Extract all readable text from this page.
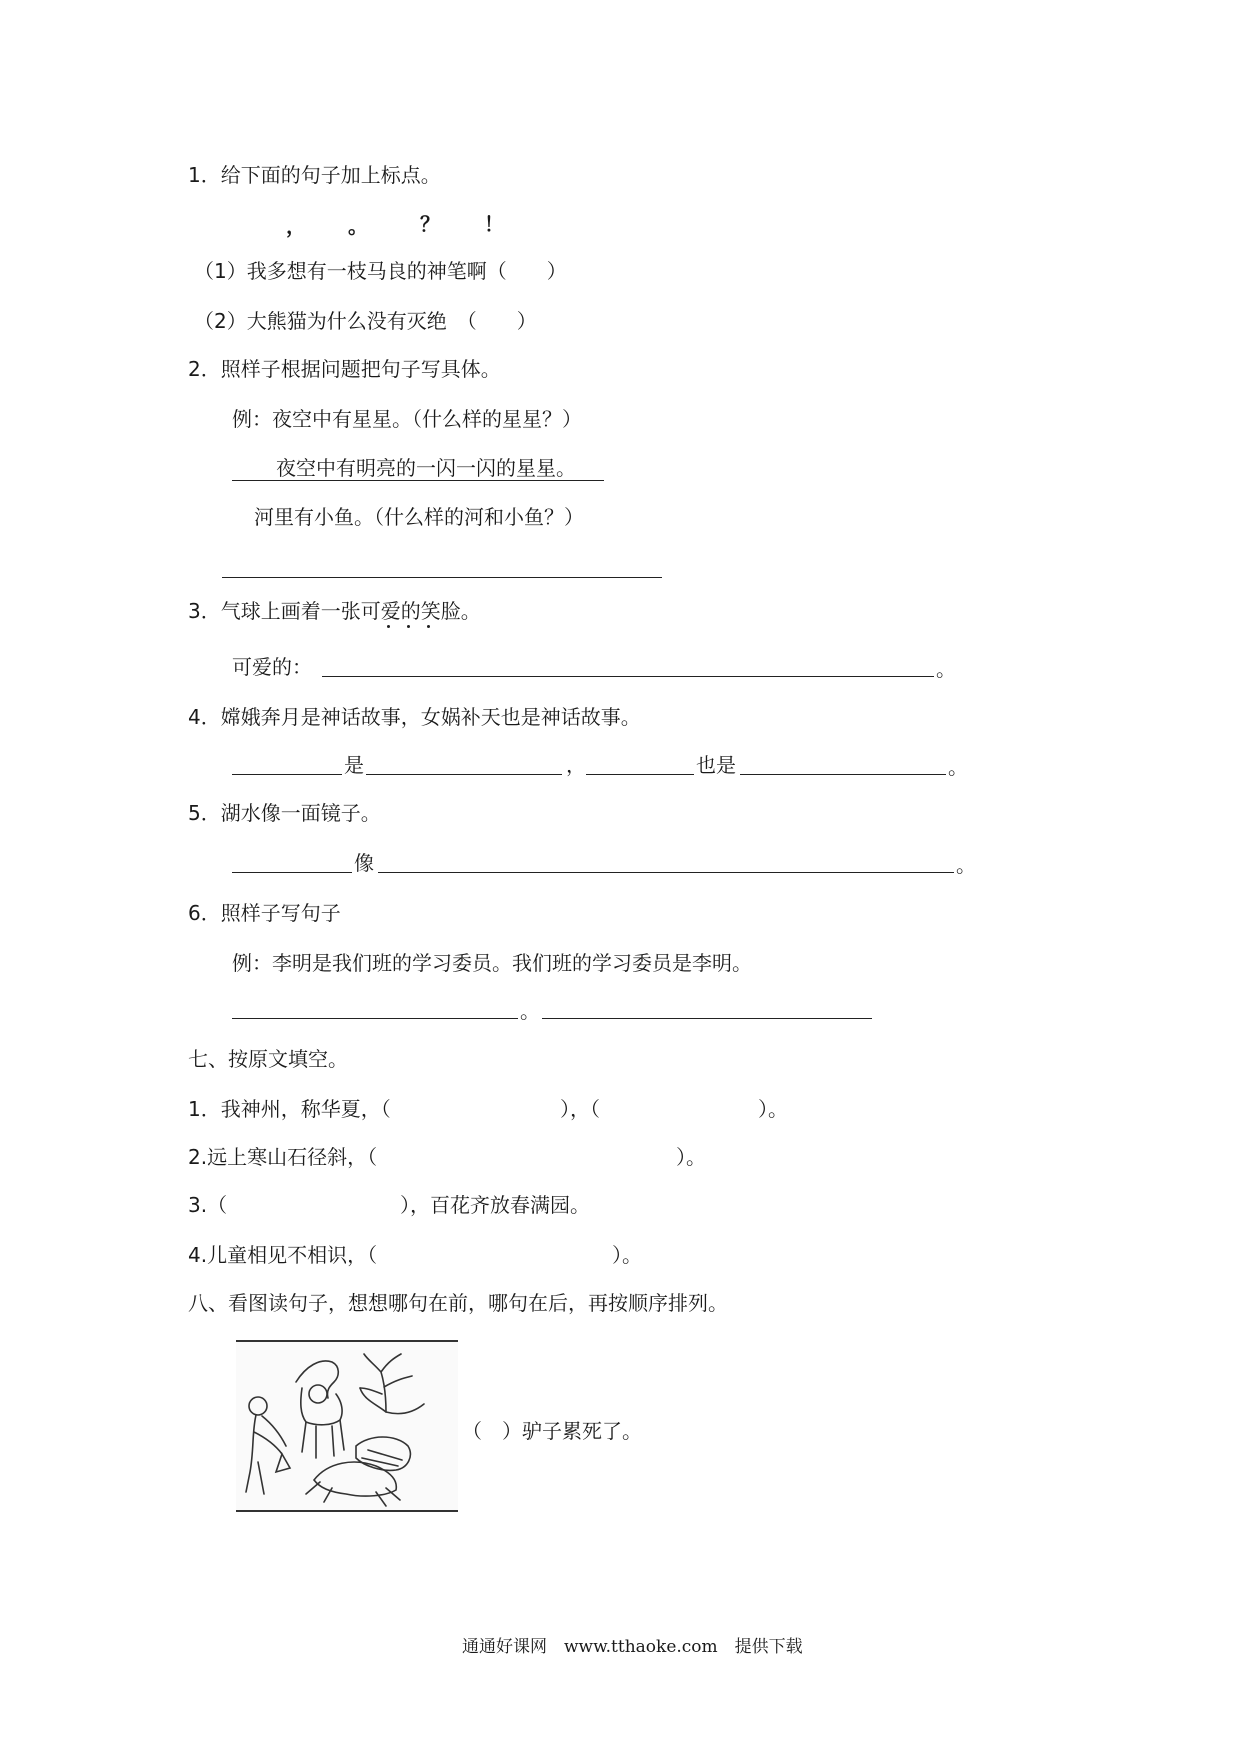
1．给下面的句子加上标点。
， 。	？ ！
（1）我多想有一枝马良的神笔啊（　　）
（2）大熊猫为什么没有灭绝　（　　）
2．照样子根据问题把句子写具体。
例：夜空中有星星。（什么样的星星？）
夜空中有明亮的一闪一闪的星星。
河里有小鱼。（什么样的河和小鱼？）
3．气球上画着一张可爱的笑脸。
可爱的：	。
4．嫦娥奔月是神话故事，女娲补天也是神话故事。
是	，	也是	。
5．湖水像一面镜子。
像	。
6．照样子写句子
例：李明是我们班的学习委员。我们班的学习委员是李明。
。
七、按原文填空。
1．我神州，称华夏，（	），（	）。
2.远上寒山石径斜，（	）。
3.（	），百花齐放春满园。
4.儿童相见不相识，（	）。
八、看图读句子，想想哪句在前，哪句在后，再按顺序排列。
（　）驴子累死了。
通通好课网　www.tthaoke.com　提供下载
